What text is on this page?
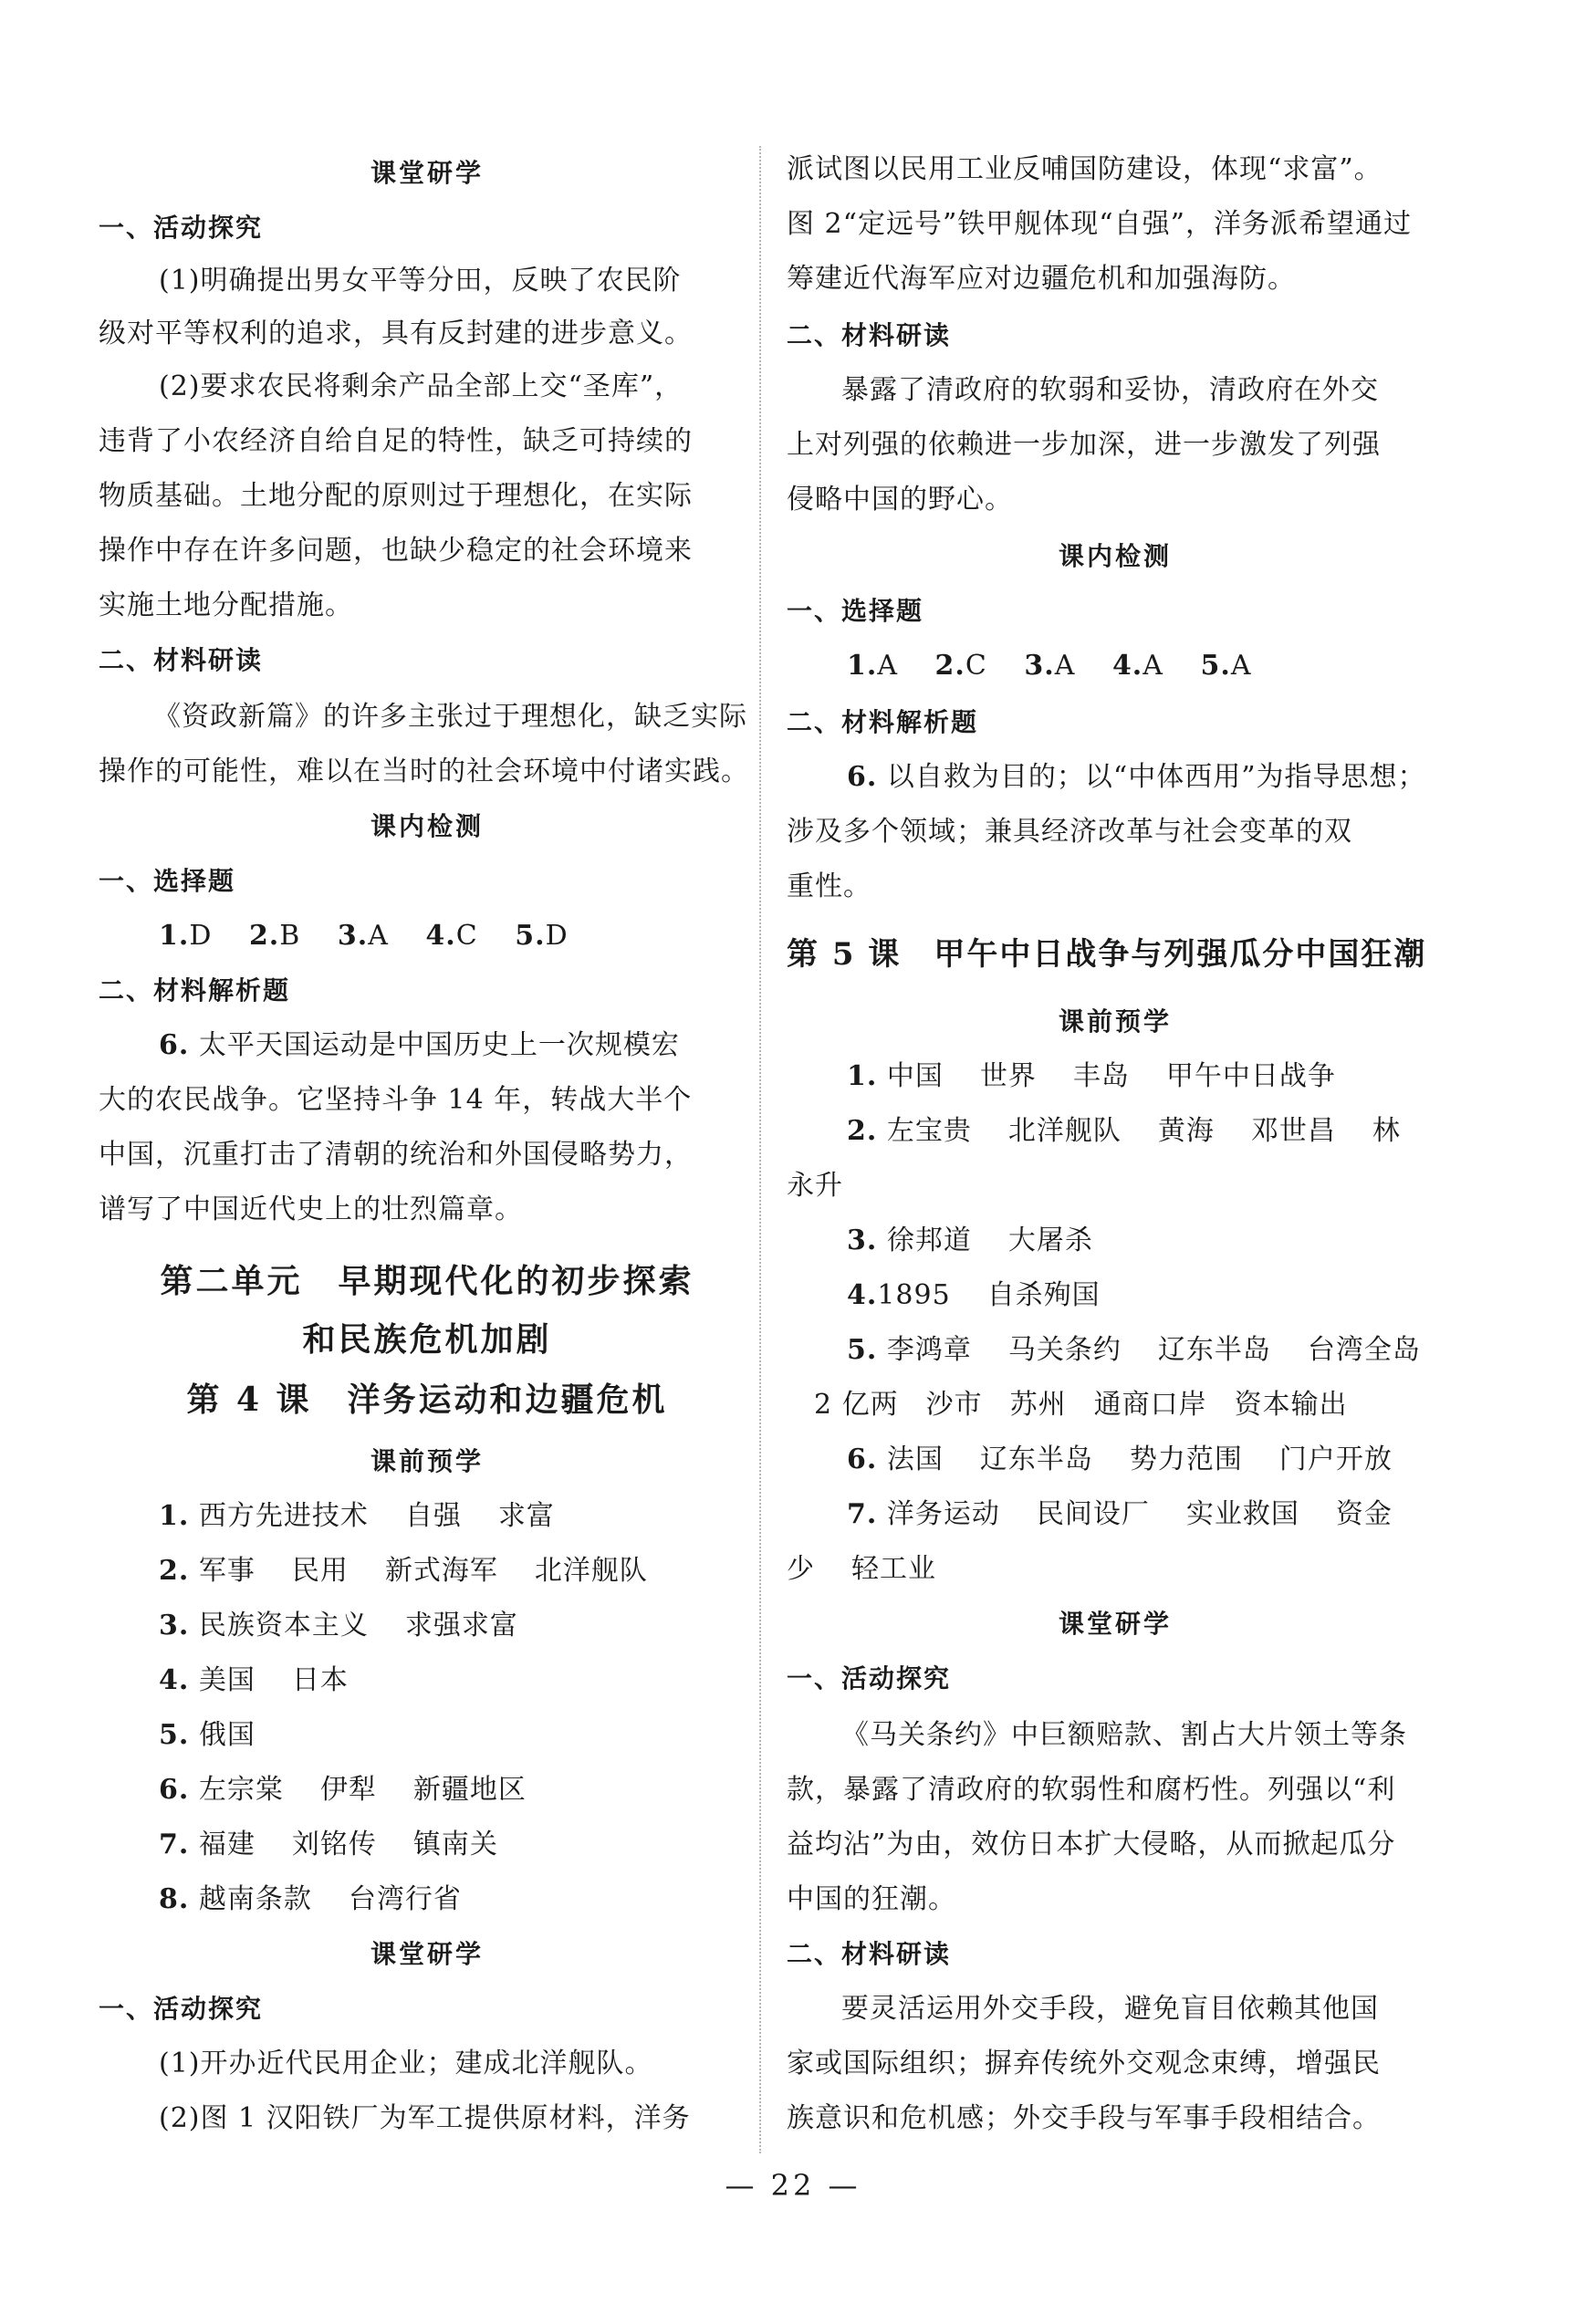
课堂研学
一、活动探究
(1)明确提出男女平等分田，反映了农民阶
级对平等权利的追求，具有反封建的进步意义。
(2)要求农民将剩余产品全部上交“圣库”，
违背了小农经济自给自足的特性，缺乏可持续的
物质基础。土地分配的原则过于理想化，在实际
操作中存在许多问题，也缺少稳定的社会环境来
实施土地分配措施。
二、材料研读
《资政新篇》的许多主张过于理想化，缺乏实际
操作的可能性，难以在当时的社会环境中付诸实践。
课内检测
一、选择题
1.D 2.B 3.A 4.C 5.D
二、材料解析题
6. 太平天国运动是中国历史上一次规模宏
大的农民战争。它坚持斗争 14 年，转战大半个
中国，沉重打击了清朝的统治和外国侵略势力，
谱写了中国近代史上的壮烈篇章。
第二单元　早期现代化的初步探索
和民族危机加剧
第 4 课　洋务运动和边疆危机
课前预学
1. 西方先进技术 自强 求富
2. 军事 民用 新式海军 北洋舰队
3. 民族资本主义 求强求富
4. 美国 日本
5. 俄国
6. 左宗棠 伊犁 新疆地区
7. 福建 刘铭传 镇南关
8. 越南条款 台湾行省
课堂研学
一、活动探究
(1)开办近代民用企业；建成北洋舰队。
(2)图 1 汉阳铁厂为军工提供原材料，洋务
派试图以民用工业反哺国防建设，体现“求富”。
图 2“定远号”铁甲舰体现“自强”，洋务派希望通过
筹建近代海军应对边疆危机和加强海防。
二、材料研读
暴露了清政府的软弱和妥协，清政府在外交
上对列强的依赖进一步加深，进一步激发了列强
侵略中国的野心。
课内检测
一、选择题
1.A 2.C 3.A 4.A 5.A
二、材料解析题
6. 以自救为目的；以“中体西用”为指导思想；
涉及多个领域；兼具经济改革与社会变革的双
重性。
第 5 课　甲午中日战争与列强瓜分中国狂潮
课前预学
1. 中国 世界 丰岛 甲午中日战争
2. 左宝贵 北洋舰队 黄海 邓世昌 林
永升
3. 徐邦道 大屠杀
4.1895 自杀殉国
5. 李鸿章 马关条约 辽东半岛 台湾全岛
2 亿两 沙市 苏州 通商口岸 资本输出
6. 法国 辽东半岛 势力范围 门户开放
7. 洋务运动 民间设厂 实业救国 资金
少 轻工业
课堂研学
一、活动探究
《马关条约》中巨额赔款、割占大片领土等条
款，暴露了清政府的软弱性和腐朽性。列强以“利
益均沾”为由，效仿日本扩大侵略，从而掀起瓜分
中国的狂潮。
二、材料研读
要灵活运用外交手段，避免盲目依赖其他国
家或国际组织；摒弃传统外交观念束缚，增强民
族意识和危机感；外交手段与军事手段相结合。
— 22 —
